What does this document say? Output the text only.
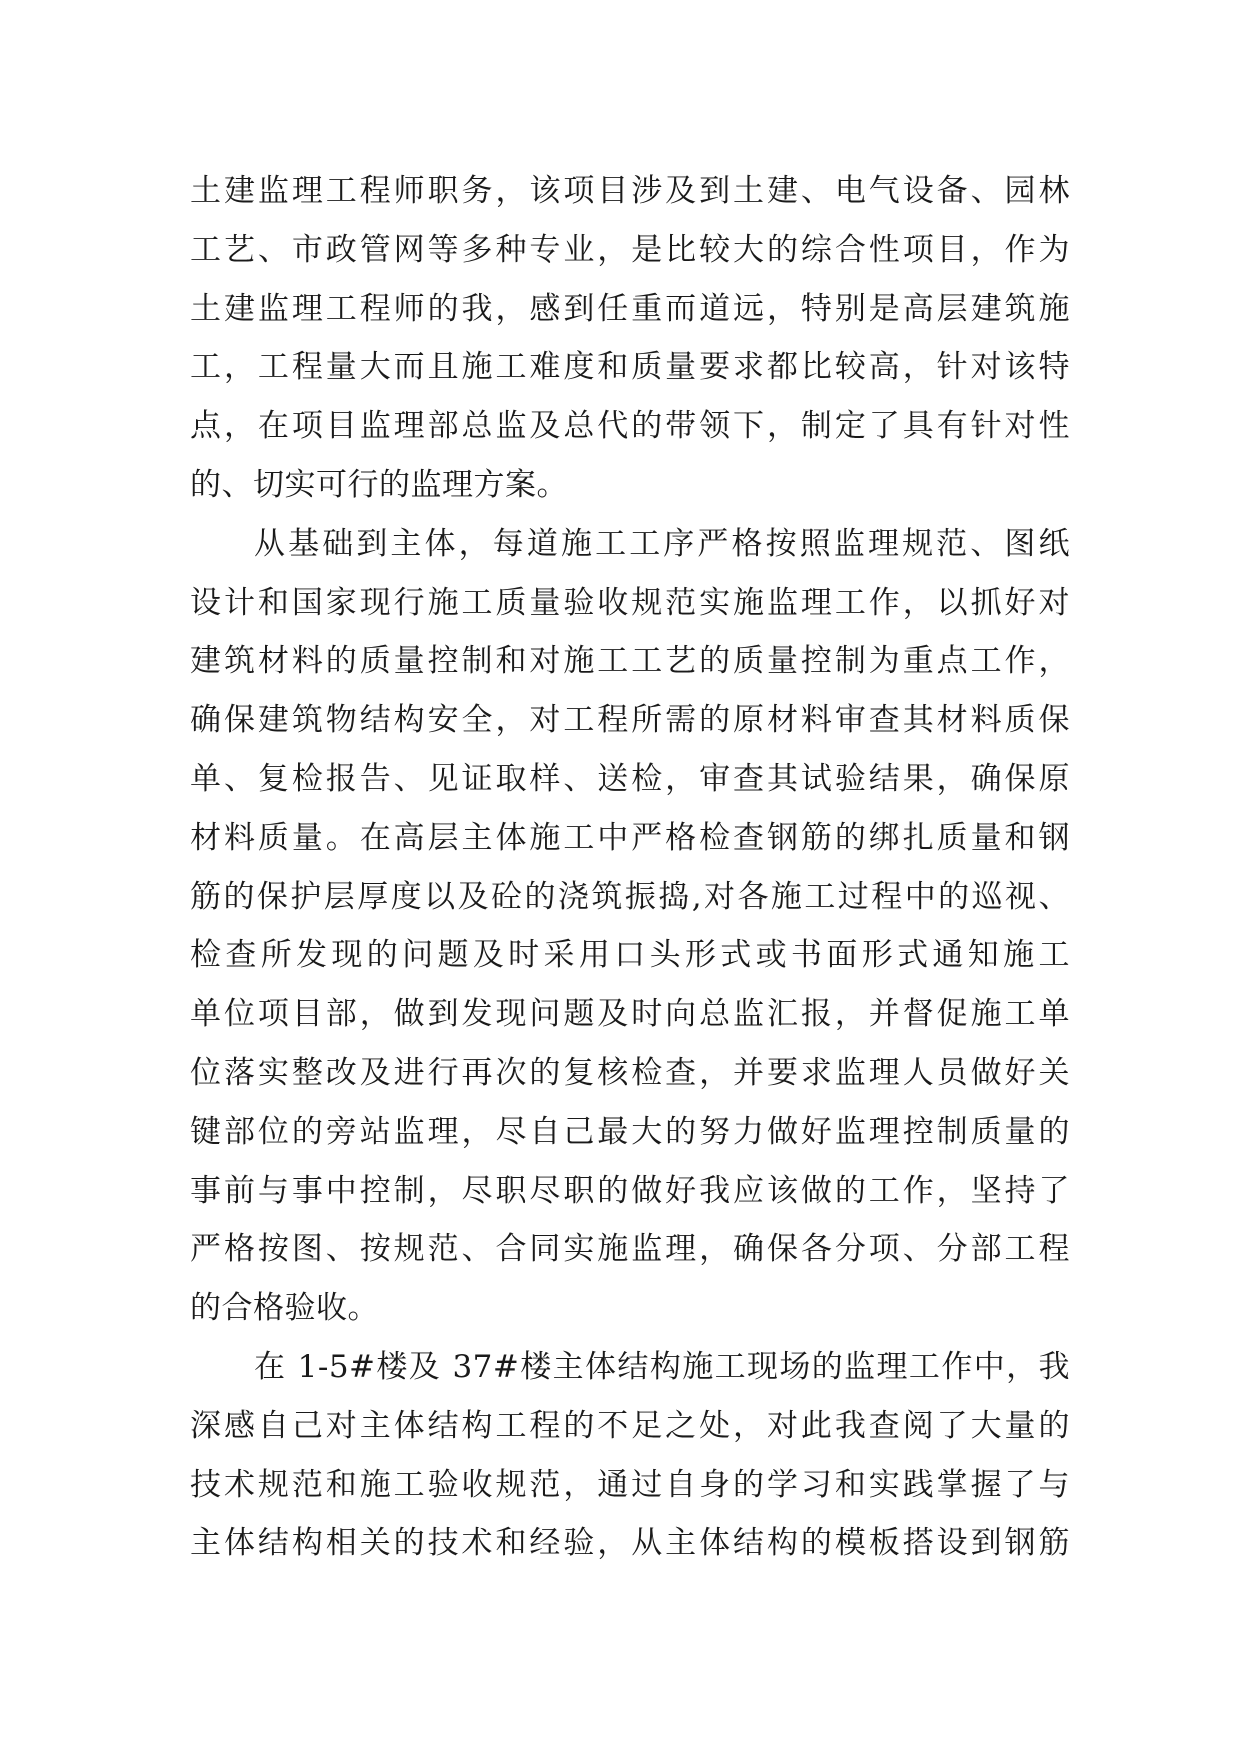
土建监理工程师职务，该项目涉及到土建、电气设备、园林
工艺、市政管网等多种专业，是比较大的综合性项目，作为
土建监理工程师的我，感到任重而道远，特别是高层建筑施
工，工程量大而且施工难度和质量要求都比较高，针对该特
点，在项目监理部总监及总代的带领下，制定了具有针对性
的、切实可行的监理方案。
从基础到主体，每道施工工序严格按照监理规范、图纸
设计和国家现行施工质量验收规范实施监理工作，以抓好对
建筑材料的质量控制和对施工工艺的质量控制为重点工作，
确保建筑物结构安全，对工程所需的原材料审查其材料质保
单、复检报告、见证取样、送检，审查其试验结果，确保原
材料质量。在高层主体施工中严格检查钢筋的绑扎质量和钢
筋的保护层厚度以及砼的浇筑振捣,对各施工过程中的巡视、
检查所发现的问题及时采用口头形式或书面形式通知施工
单位项目部，做到发现问题及时向总监汇报，并督促施工单
位落实整改及进行再次的复核检查，并要求监理人员做好关
键部位的旁站监理，尽自己最大的努力做好监理控制质量的
事前与事中控制，尽职尽职的做好我应该做的工作，坚持了
严格按图、按规范、合同实施监理，确保各分项、分部工程
的合格验收。
在 1-5#楼及 37#楼主体结构施工现场的监理工作中，我
深感自己对主体结构工程的不足之处，对此我查阅了大量的
技术规范和施工验收规范，通过自身的学习和实践掌握了与
主体结构相关的技术和经验，从主体结构的模板搭设到钢筋
